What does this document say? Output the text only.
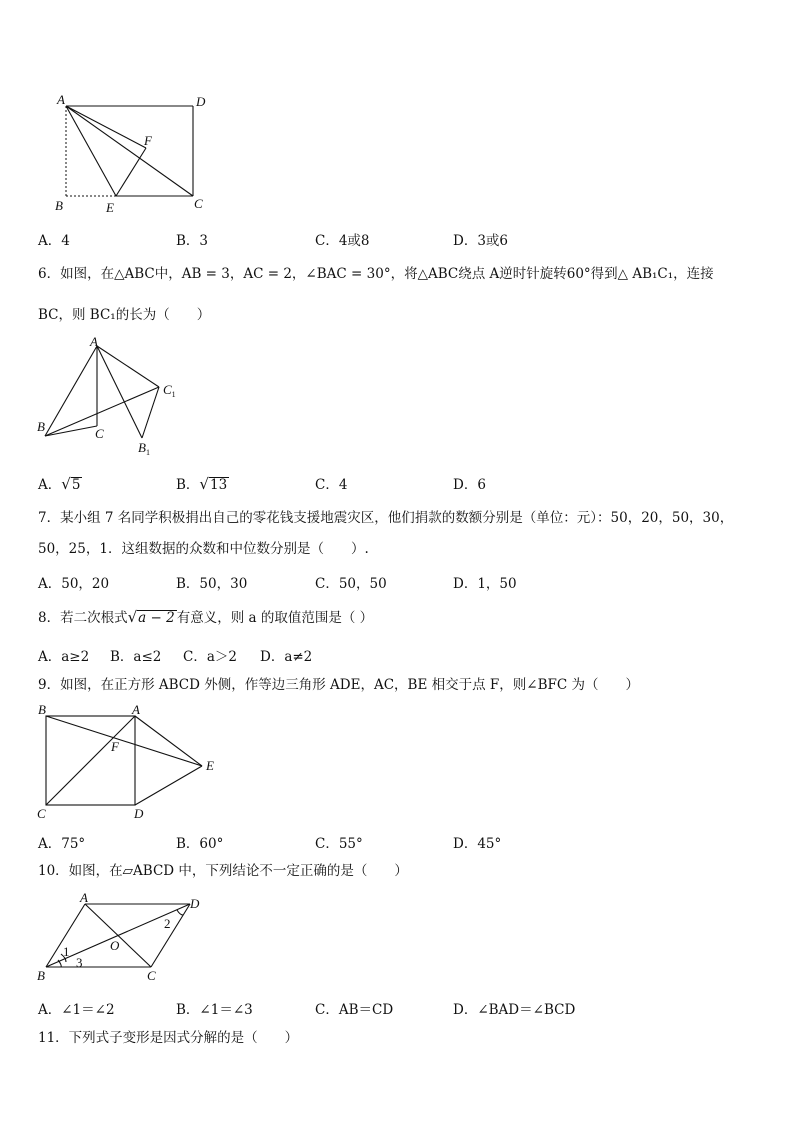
A	D
F
B	E	C
A．4	B．3	C．4或8	D．3或6
6．如图，在△ABC中，AB = 3，AC = 2，∠BAC = 30°，将△ABC绕点 A逆时针旋转60°得到△ AB₁C₁，连接
BC，则 BC₁的长为（　　）
A
$C_1$
B	C
$B_1$
A．√5	B．√13	C．4	D．6
7．某小组 7 名同学积极捐出自己的零花钱支援地震灾区，他们捐款的数额分别是（单位：元）：50，20，50，30，
50，25，1．这组数据的众数和中位数分别是（　　）.
A．50，20	B．50，30	C．50，50	D．1，50
8．若二次根式√a − 2 有意义，则 a 的取值范围是（ ）
A．a≥2 B．a≤2 C．a＞2 D．a≠2
9．如图，在正方形 ABCD 外侧，作等边三角形 ADE，AC，BE 相交于点 F，则∠BFC 为（　　）
B	A
F
E
C	D
A．75°	B．60°	C．55°	D．45°
10．如图，在▱ABCD 中，下列结论不一定正确的是（　　）
A	D
O
B	C
1
3
2
A．∠1＝∠2	B．∠1＝∠3	C．AB＝CD	D．∠BAD＝∠BCD
11．下列式子变形是因式分解的是（　　）
